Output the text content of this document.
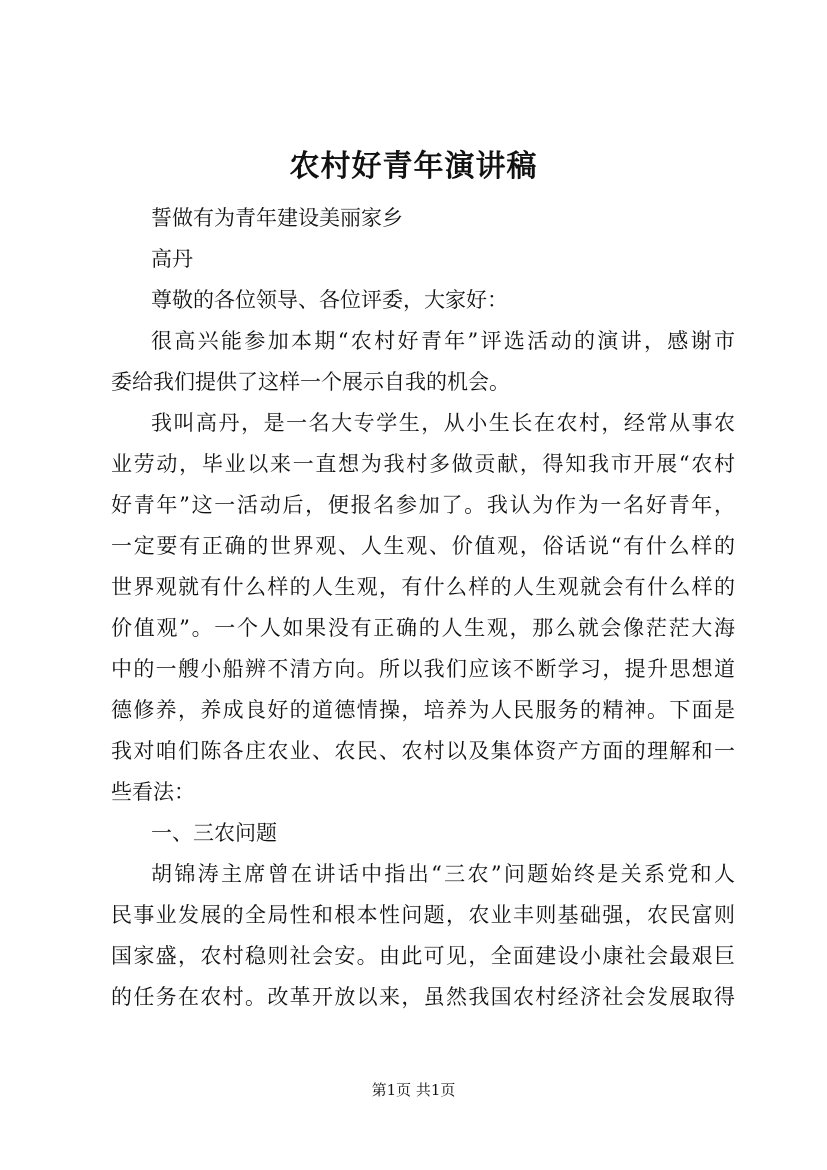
农村好青年演讲稿
誓做有为青年建设美丽家乡
高丹
尊敬的各位领导、各位评委，大家好：
很高兴能参加本期“农村好青年”评选活动的演讲，感谢市
委给我们提供了这样一个展示自我的机会。
我叫高丹，是一名大专学生，从小生长在农村，经常从事农
业劳动，毕业以来一直想为我村多做贡献，得知我市开展“农村
好青年”这一活动后，便报名参加了。我认为作为一名好青年，
一定要有正确的世界观、人生观、价值观，俗话说“有什么样的
世界观就有什么样的人生观，有什么样的人生观就会有什么样的
价值观”。一个人如果没有正确的人生观，那么就会像茫茫大海
中的一艘小船辨不清方向。所以我们应该不断学习，提升思想道
德修养，养成良好的道德情操，培养为人民服务的精神。下面是
我对咱们陈各庄农业、农民、农村以及集体资产方面的理解和一
些看法：
一、三农问题
胡锦涛主席曾在讲话中指出“三农”问题始终是关系党和人
民事业发展的全局性和根本性问题，农业丰则基础强，农民富则
国家盛，农村稳则社会安。由此可见，全面建设小康社会最艰巨
的任务在农村。改革开放以来，虽然我国农村经济社会发展取得
第1页 共1页
